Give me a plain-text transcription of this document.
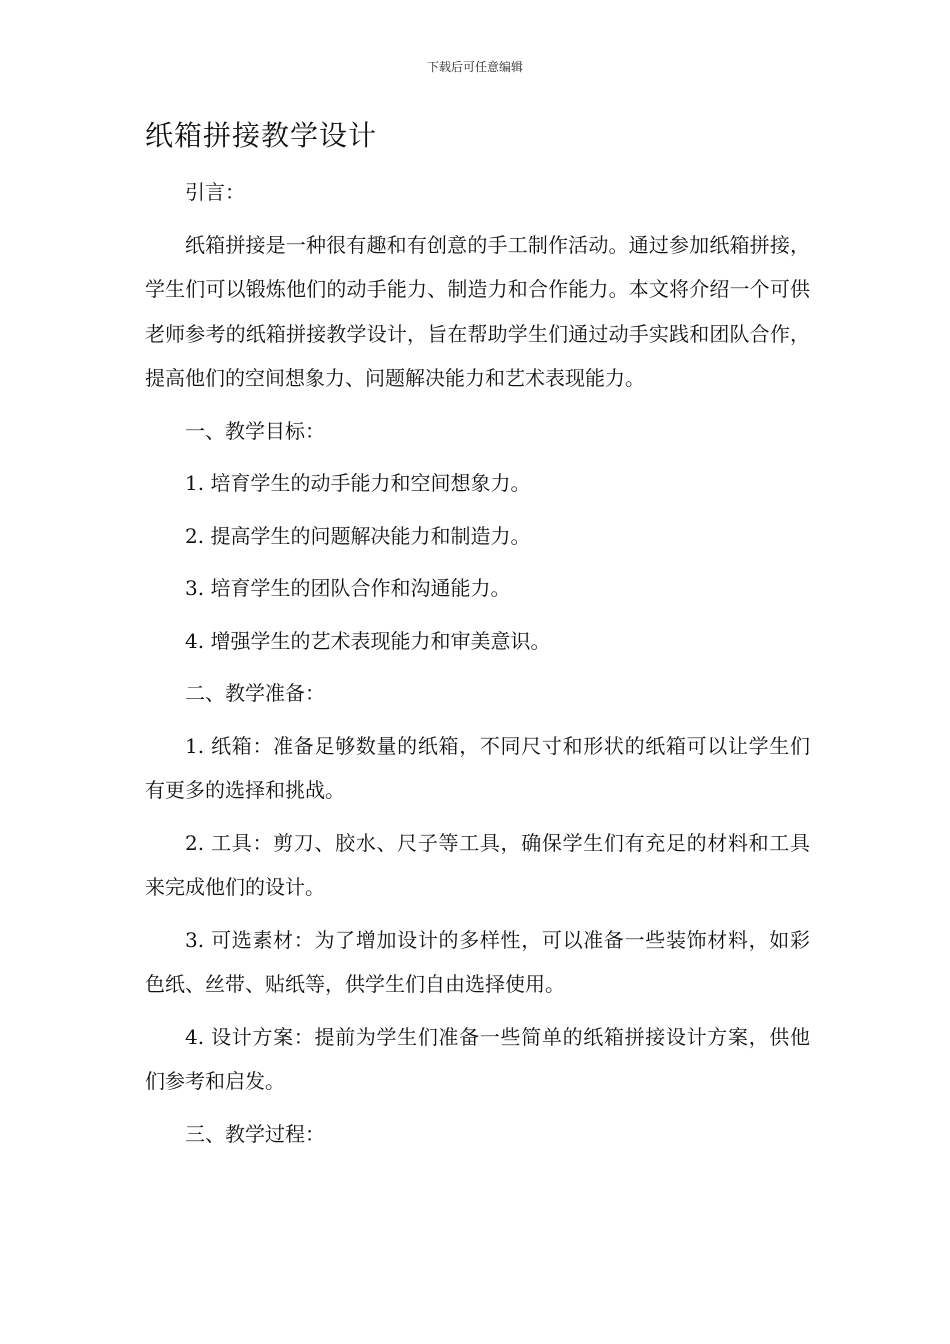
下载后可任意编辑
纸箱拼接教学设计

引言：

纸箱拼接是一种很有趣和有创意的手工制作活动。通过参加纸箱拼接，学生们可以锻炼他们的动手能力、制造力和合作能力。本文将介绍一个可供老师参考的纸箱拼接教学设计，旨在帮助学生们通过动手实践和团队合作，提高他们的空间想象力、问题解决能力和艺术表现能力。

一、教学目标：

1. 培育学生的动手能力和空间想象力。

2. 提高学生的问题解决能力和制造力。

3. 培育学生的团队合作和沟通能力。

4. 增强学生的艺术表现能力和审美意识。

二、教学准备：

1. 纸箱：准备足够数量的纸箱，不同尺寸和形状的纸箱可以让学生们有更多的选择和挑战。

2. 工具：剪刀、胶水、尺子等工具，确保学生们有充足的材料和工具来完成他们的设计。

3. 可选素材：为了增加设计的多样性，可以准备一些装饰材料，如彩色纸、丝带、贴纸等，供学生们自由选择使用。

4. 设计方案：提前为学生们准备一些简单的纸箱拼接设计方案，供他们参考和启发。

三、教学过程：
